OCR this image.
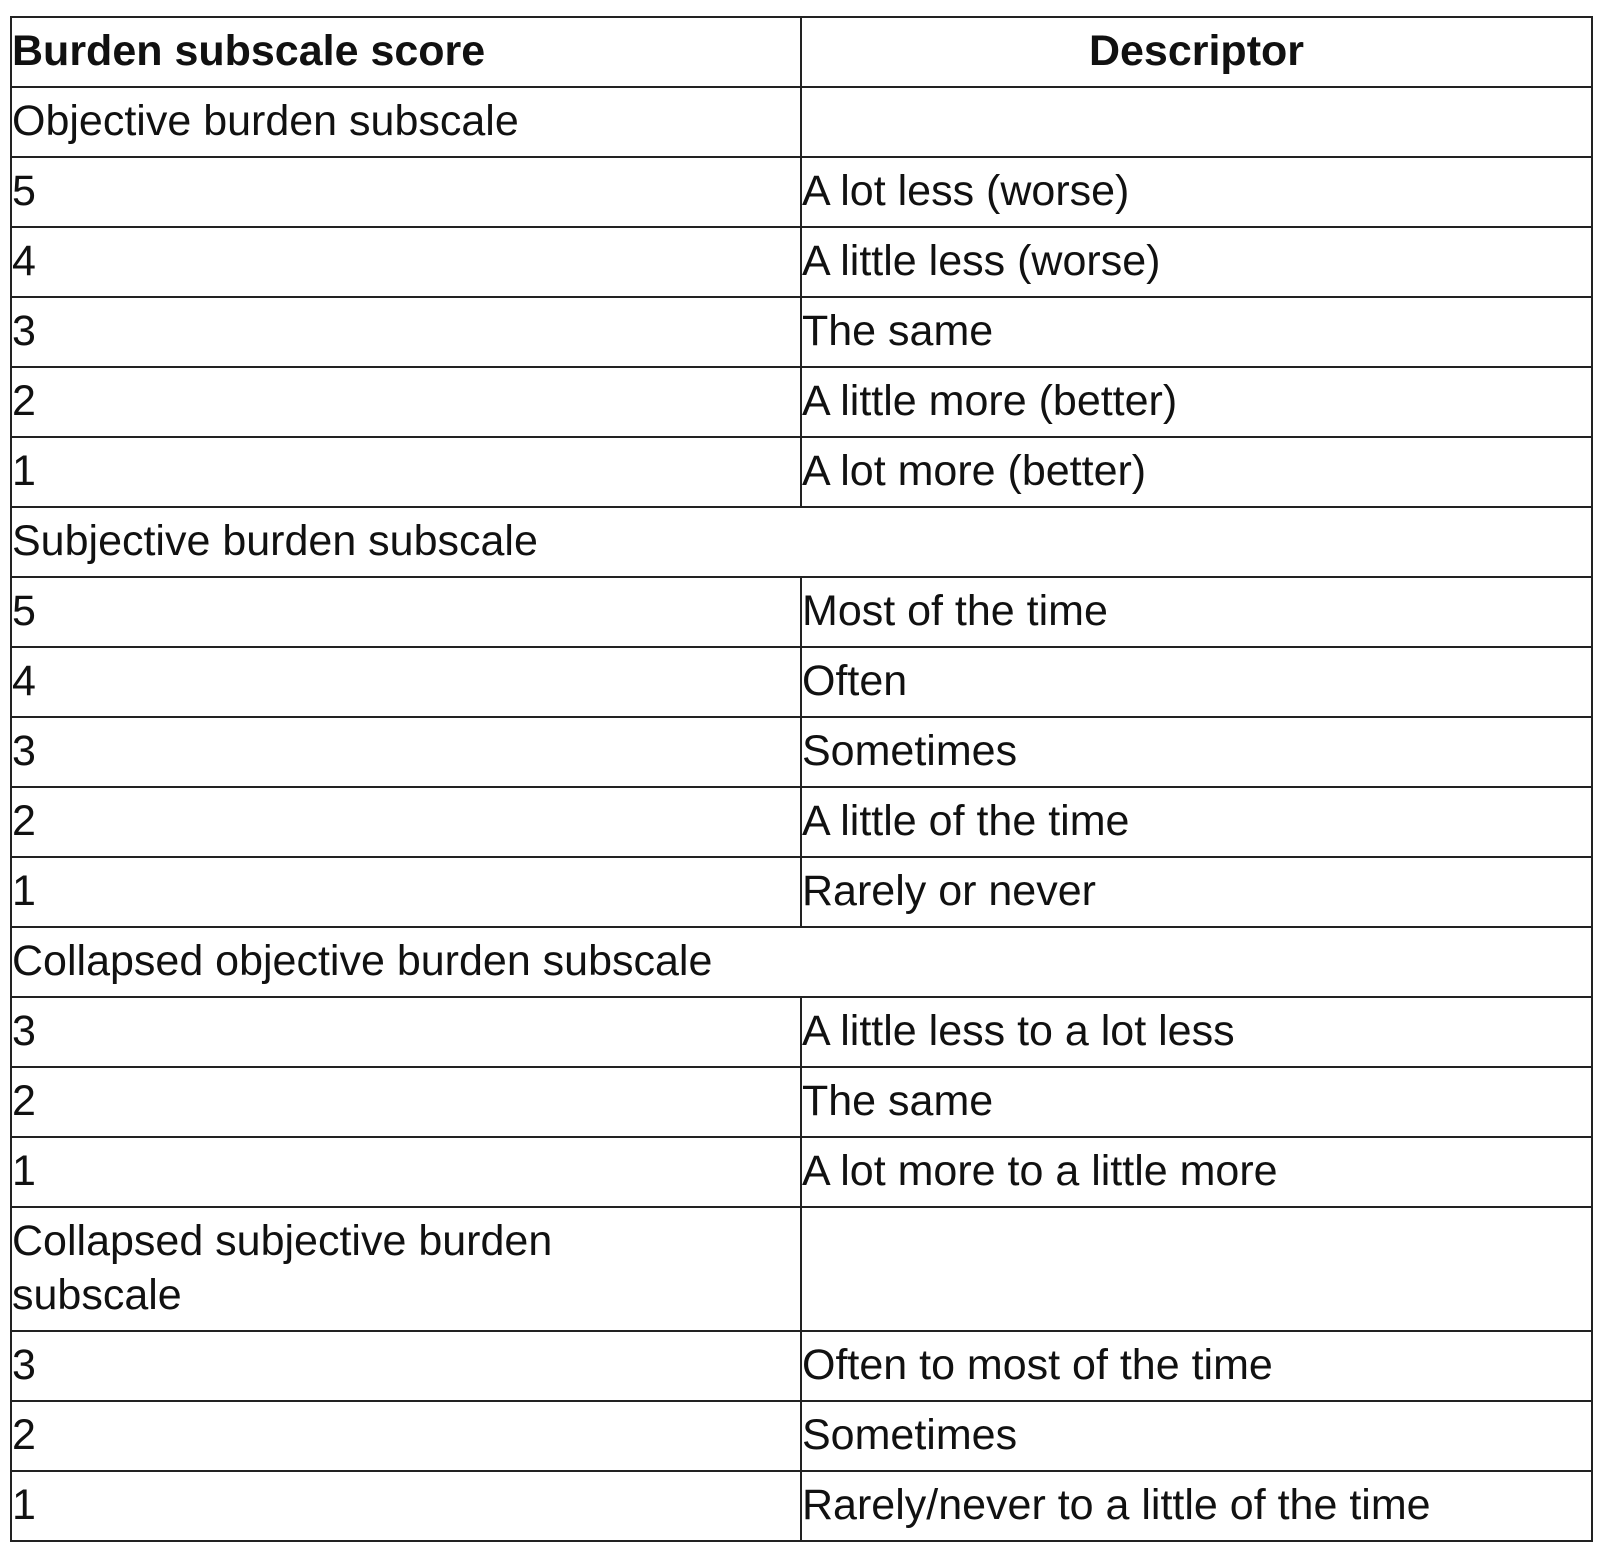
Burden subscale score	Descriptor
Objective burden subscale	
5	A lot less (worse)
4	A little less (worse)
3	The same
2	A little more (better)
1	A lot more (better)
Subjective burden subscale	
5	Most of the time
4	Often
3	Sometimes
2	A little of the time
1	Rarely or never
Collapsed objective burden subscale	
3	A little less to a lot less
2	The same
1	A lot more to a little more
Collapsed subjective burden subscale	
3	Often to most of the time
2	Sometimes
1	Rarely/never to a little of the time
